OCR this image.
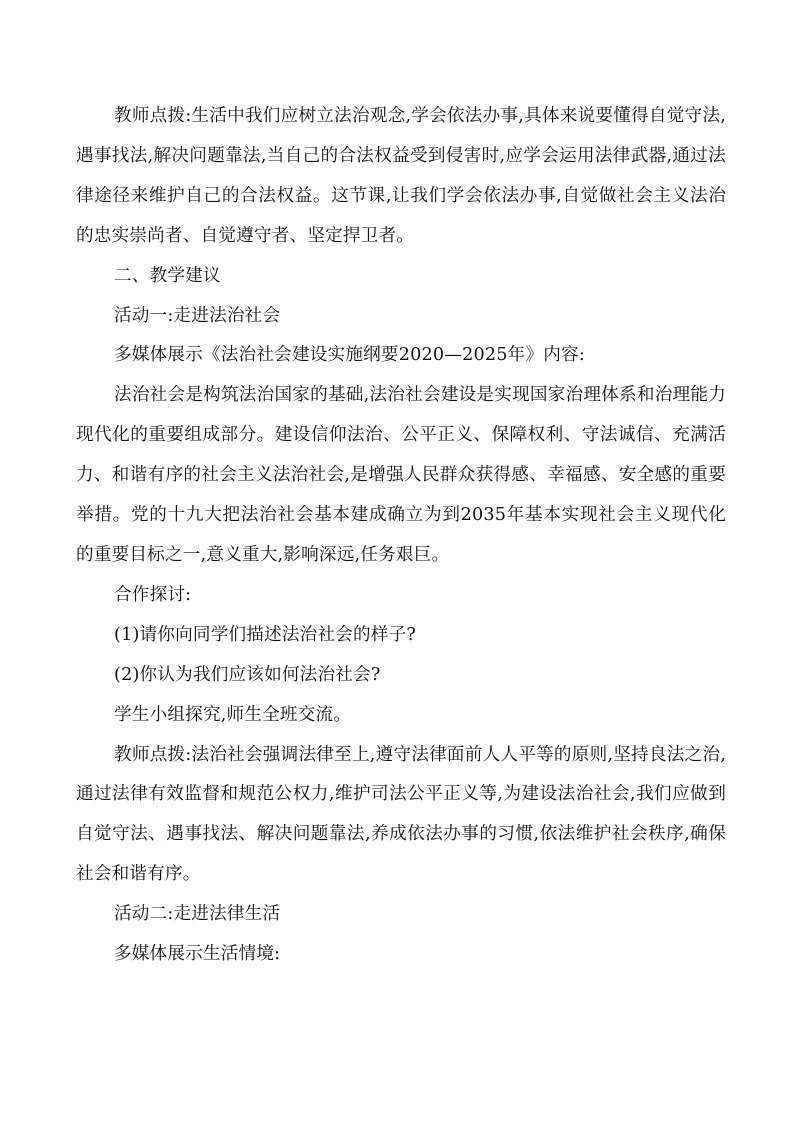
教师点拨:生活中我们应树立法治观念,学会依法办事,具体来说要懂得自觉守法,遇事找法,解决问题靠法,当自己的合法权益受到侵害时,应学会运用法律武器,通过法律途径来维护自己的合法权益。这节课,让我们学会依法办事,自觉做社会主义法治的忠实崇尚者、自觉遵守者、坚定捍卫者。

二、教学建议

活动一:走进法治社会

多媒体展示《法治社会建设实施纲要2020—2025年》内容:

法治社会是构筑法治国家的基础,法治社会建设是实现国家治理体系和治理能力现代化的重要组成部分。建设信仰法治、公平正义、保障权利、守法诚信、充满活力、和谐有序的社会主义法治社会,是增强人民群众获得感、幸福感、安全感的重要举措。党的十九大把法治社会基本建成确立为到2035年基本实现社会主义现代化的重要目标之一,意义重大,影响深远,任务艰巨。

合作探讨:

(1)请你向同学们描述法治社会的样子?

(2)你认为我们应该如何法治社会?

学生小组探究,师生全班交流。

教师点拨:法治社会强调法律至上,遵守法律面前人人平等的原则,坚持良法之治,通过法律有效监督和规范公权力,维护司法公平正义等,为建设法治社会,我们应做到自觉守法、遇事找法、解决问题靠法,养成依法办事的习惯,依法维护社会秩序,确保社会和谐有序。

活动二:走进法律生活

多媒体展示生活情境:
